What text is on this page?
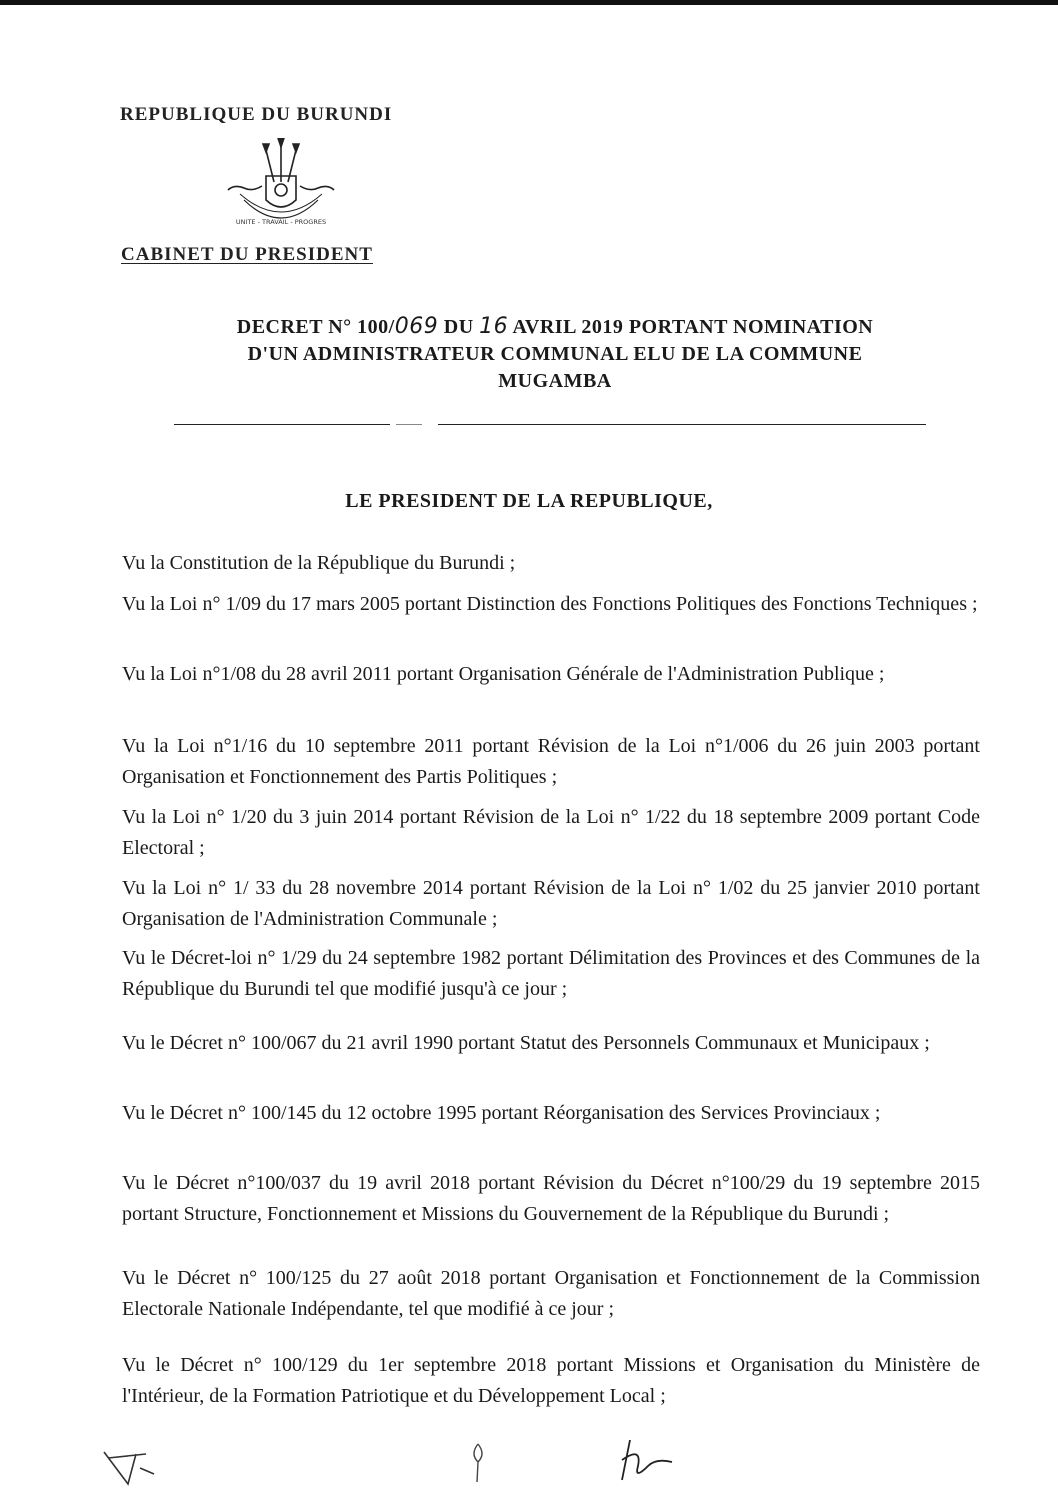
REPUBLIQUE DU BURUNDI
UNITE - TRAVAIL - PROGRES
CABINET DU PRESIDENT
DECRET N° 100/069 DU 16 AVRIL 2019 PORTANT NOMINATION
D'UN ADMINISTRATEUR COMMUNAL ELU DE LA COMMUNE
MUGAMBA
LE PRESIDENT DE LA REPUBLIQUE,

Vu la Constitution de la République du Burundi ;

Vu la Loi n° 1/09 du 17 mars 2005 portant Distinction des Fonctions Politiques des Fonctions Techniques ;

Vu la Loi n°1/08 du 28 avril 2011 portant Organisation Générale de l'Administration Publique ;

Vu la Loi n°1/16 du 10 septembre 2011 portant Révision de la Loi n°1/006 du 26 juin 2003 portant Organisation et Fonctionnement des Partis Politiques ;

Vu la Loi n° 1/20 du 3 juin 2014 portant Révision de la Loi n° 1/22 du 18 septembre 2009 portant Code Electoral ;

Vu la Loi n° 1/ 33 du 28 novembre 2014 portant Révision de la Loi n° 1/02 du 25 janvier 2010 portant Organisation de l'Administration Communale ;

Vu le Décret-loi n° 1/29 du 24 septembre 1982 portant Délimitation des Provinces et des Communes de la République du Burundi tel que modifié jusqu'à ce jour ;

Vu le Décret n° 100/067 du 21 avril 1990 portant Statut des Personnels Communaux et Municipaux ;

Vu le Décret n° 100/145 du 12 octobre 1995 portant Réorganisation des Services Provinciaux ;

Vu le Décret n°100/037 du 19 avril 2018 portant Révision du Décret n°100/29 du 19 septembre 2015 portant Structure, Fonctionnement et Missions du Gouvernement de la République du Burundi ;

Vu le Décret n° 100/125 du 27 août 2018 portant Organisation et Fonctionnement de la Commission Electorale Nationale Indépendante, tel que modifié à ce jour ;

Vu le Décret n° 100/129 du 1er septembre 2018 portant Missions et Organisation du Ministère de l'Intérieur, de la Formation Patriotique et du Développement Local ;
